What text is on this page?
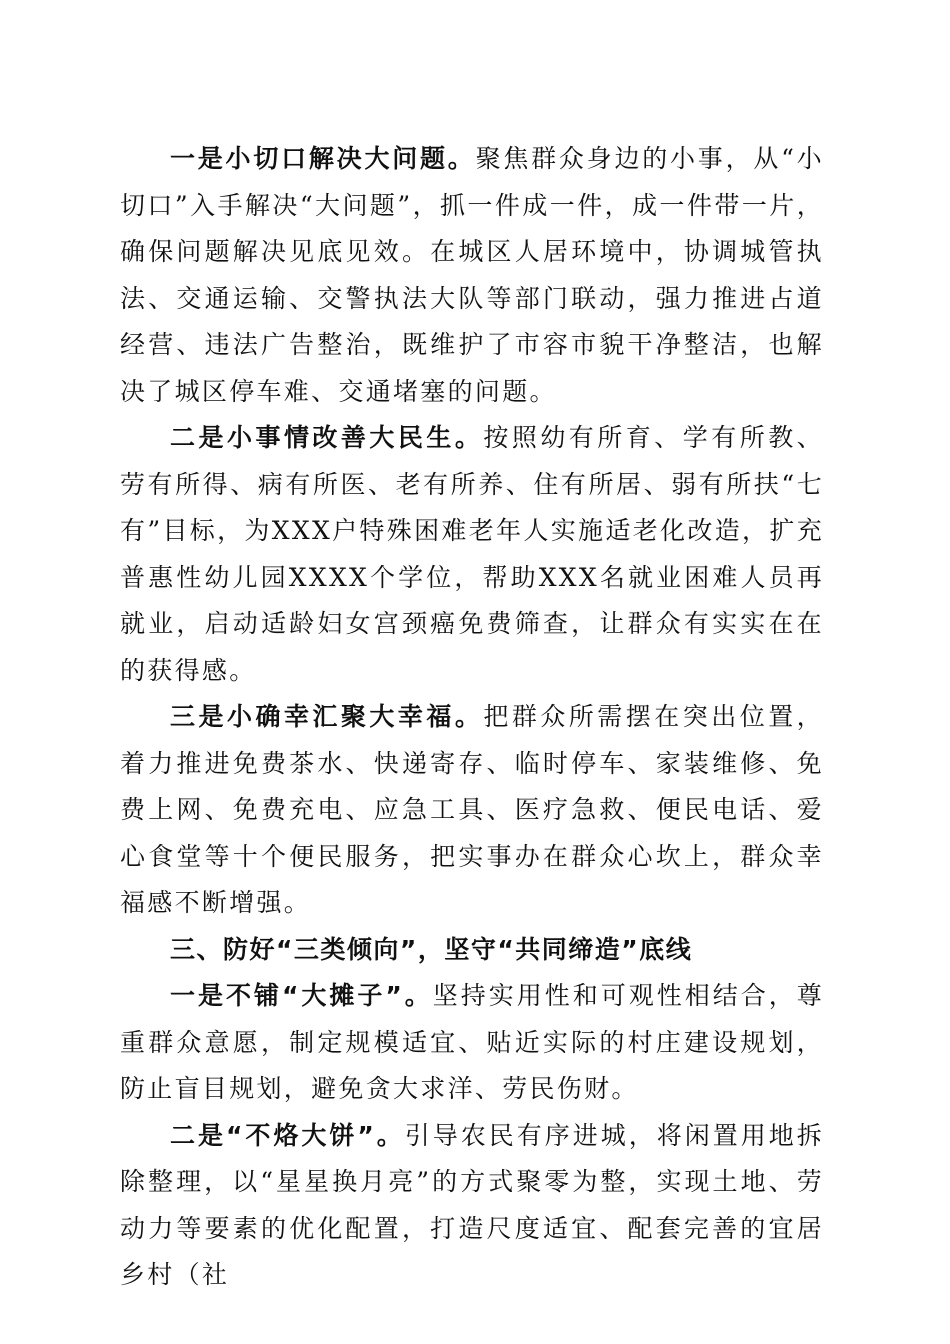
一是小切口解决大问题。聚焦群众身边的小事，从“小切口”入手解决“大问题”，抓一件成一件，成一件带一片，确保问题解决见底见效。在城区人居环境中，协调城管执法、交通运输、交警执法大队等部门联动，强力推进占道经营、违法广告整治，既维护了市容市貌干净整洁，也解决了城区停车难、交通堵塞的问题。

二是小事情改善大民生。按照幼有所育、学有所教、劳有所得、病有所医、老有所养、住有所居、弱有所扶“七有”目标，为XXX户特殊困难老年人实施适老化改造，扩充普惠性幼儿园XXXX个学位，帮助XXX名就业困难人员再就业，启动适龄妇女宫颈癌免费筛查，让群众有实实在在的获得感。

三是小确幸汇聚大幸福。把群众所需摆在突出位置，着力推进免费茶水、快递寄存、临时停车、家装维修、免费上网、免费充电、应急工具、医疗急救、便民电话、爱心食堂等十个便民服务，把实事办在群众心坎上，群众幸福感不断增强。

三、防好“三类倾向”，坚守“共同缔造”底线

一是不铺“大摊子”。坚持实用性和可观性相结合，尊重群众意愿，制定规模适宜、贴近实际的村庄建设规划，防止盲目规划，避免贪大求洋、劳民伤财。

二是“不烙大饼”。引导农民有序进城，将闲置用地拆除整理，以“星星换月亮”的方式聚零为整，实现土地、劳动力等要素的优化配置，打造尺度适宜、配套完善的宜居乡村（社
